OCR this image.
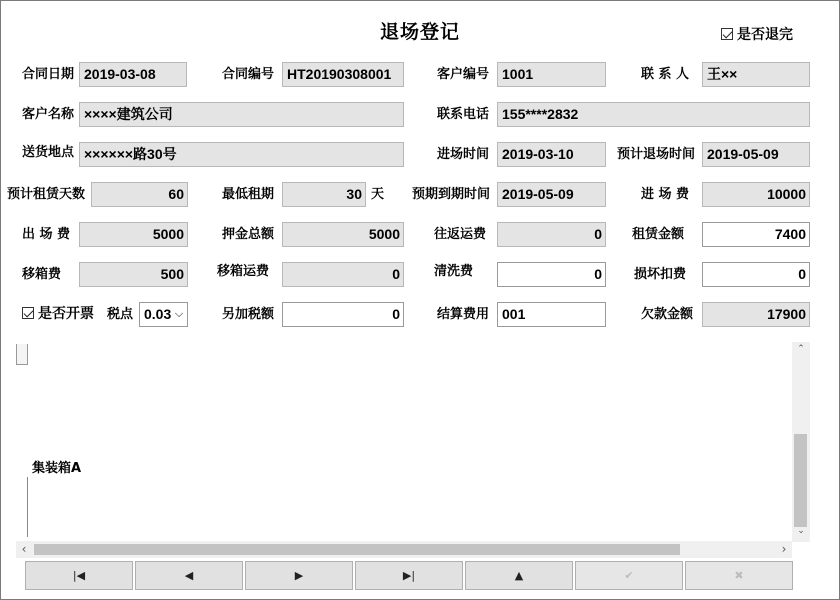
退场登记	是否退完
合同日期 2019-03-08	合同编号 HT20190308001	客户编号 1001	联 系 人	王××
客户名称 ××××建筑公司	联系电话 155****2832
送货地点 ××××××路30号	进场时间 2019-03-10	预计退场时间 2019-05-09
预计租赁天数	60	最低租期	30 天 预期到期时间 2019-05-09	进 场 费	10000
出 场 费	5000	押金总额	5000	往返运费	0	租赁金额	7400
移箱费	500	移箱运费	0	清洗费	0	损坏扣费	0
是否开票 税点 0.03 ⌵	另加税额	0	结算费用 001	欠款金额	17900
集装箱A
⌃
⌄
‹	›
|◀	◀	▶	▶|	▲	✔	✖
